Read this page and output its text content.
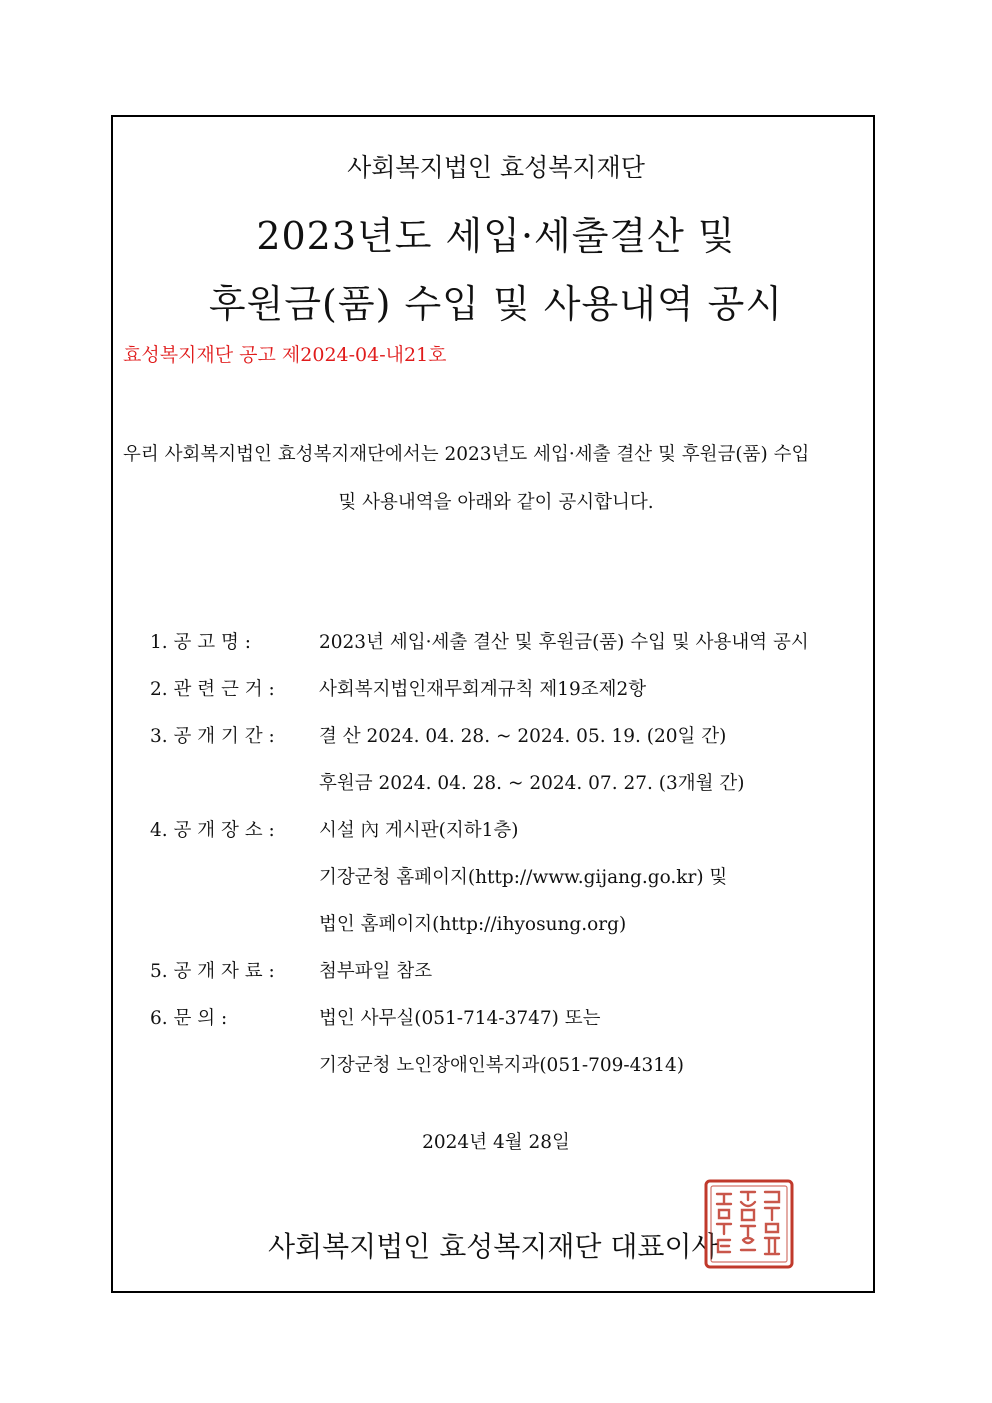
사회복지법인 효성복지재단
2023년도 세입·세출결산 및
후원금(품) 수입 및 사용내역 공시
효성복지재단 공고 제2024-04-내21호
우리 사회복지법인 효성복지재단에서는 2023년도 세입·세출 결산 및 후원금(품) 수입
및 사용내역을 아래와 같이 공시합니다.
1. 공 고 명 :	2023년 세입·세출 결산 및 후원금(품) 수입 및 사용내역 공시
2. 관 련 근 거 : 사회복지법인재무회계규칙 제19조제2항
3. 공 개 기 간 : 결 산 2024. 04. 28. ~ 2024. 05. 19. (20일 간)
후원금 2024. 04. 28. ~ 2024. 07. 27. (3개월 간)
4. 공 개 장 소 : 시설 內 게시판(지하1층)
기장군청 홈페이지(http://www.gijang.go.kr) 및
법인 홈페이지(http://ihyosung.org)
5. 공 개 자 료 : 첨부파일 참조
6. 문 의 :	법인 사무실(051-714-3747) 또는
기장군청 노인장애인복지과(051-709-4314)
2024년 4월 28일
사회복지법인 효성복지재단 대표이사
